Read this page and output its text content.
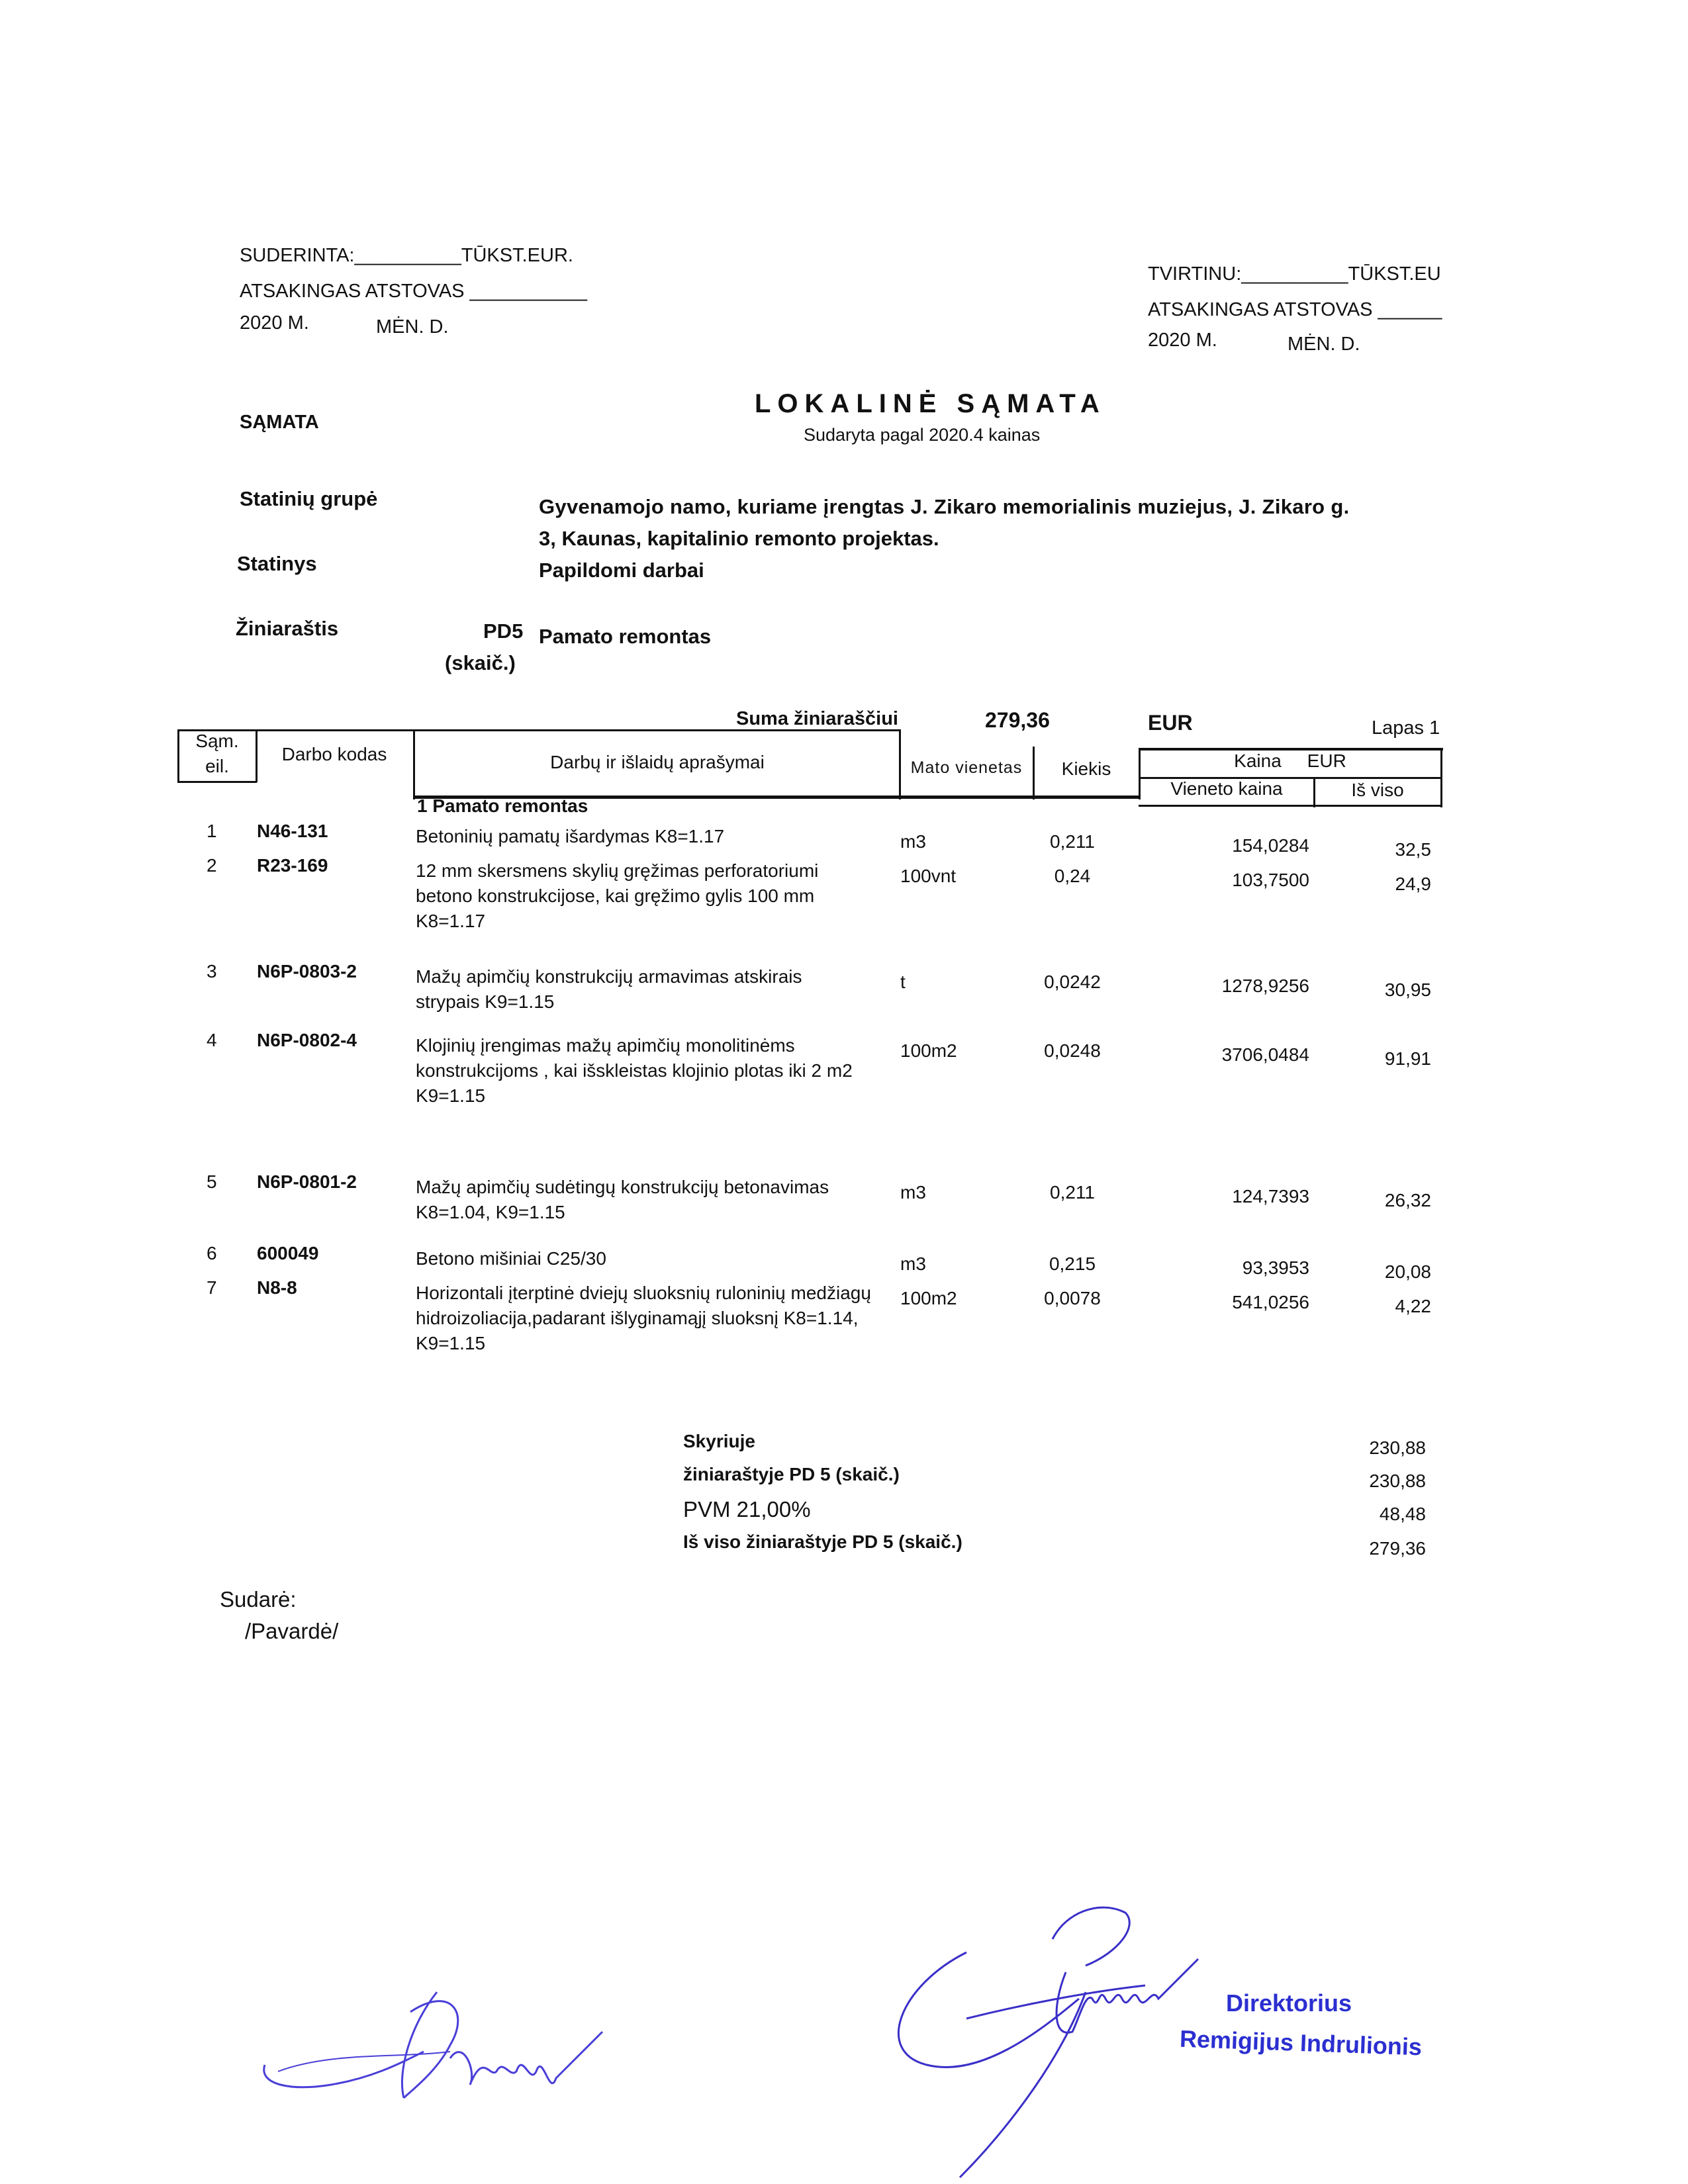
SUDERINTA:__________TŪKST.EUR.
ATSAKINGAS ATSTOVAS ___________
2020 M.	MĖN. D.
TVIRTINU:__________TŪKST.EU
ATSAKINGAS ATSTOVAS ______
2020 M.	MĖN. D.
SĄMATA
LOKALINĖ SĄMATA
Sudaryta pagal 2020.4 kainas
Statinių grupė	Gyvenamojo namo, kuriame įrengtas J. Zikaro memorialinis muziejus, J. Zikaro g.
3, Kaunas, kapitalinio remonto projektas.
Statinys	Papildomi darbai
Žiniaraštis	PD5
(skaič.)
Pamato remontas
Suma žiniaraščiui	279,36	EUR	Lapas 1
Sąm.
eil.
Darbo kodas	Darbų ir išlaidų aprašymai	Mato vienetas	Kiekis	Kaina     EUR
Vieneto kaina	Iš viso
1 Pamato remontas
1 N46-131	Betoninių pamatų išardymas K8=1.17	m3	0,211	154,0284	32,5
2 R23-169	12 mm skersmens skylių gręžimas perforatoriumi
betono konstrukcijose, kai gręžimo gylis 100 mm
K8=1.17
100vnt	0,24	103,7500	24,9
3 N6P-0803-2	Mažų apimčių konstrukcijų armavimas atskirais
strypais K9=1.15
t	0,0242	1278,9256	30,95
4 N6P-0802-4	Klojinių įrengimas mažų apimčių monolitinėms
konstrukcijoms , kai išskleistas klojinio plotas iki 2 m2
K9=1.15
100m2	0,0248	3706,0484	91,91
5 N6P-0801-2	Mažų apimčių sudėtingų konstrukcijų betonavimas
K8=1.04, K9=1.15
m3	0,211	124,7393	26,32
6 600049	Betono mišiniai C25/30	m3	0,215	93,3953	20,08
7 N8-8	Horizontali įterptinė dviejų sluoksnių ruloninių medžiagų
hidroizoliacija,padarant išlyginamąjį sluoksnį K8=1.14,
K9=1.15
100m2	0,0078	541,0256	4,22
Skyriuje	230,88
žiniaraštyje PD 5 (skaič.)	230,88
PVM 21,00%	48,48
Iš viso žiniaraštyje PD 5 (skaič.)	279,36
Sudarė:
/Pavardė/
Direktorius
Remigijus Indrulionis
